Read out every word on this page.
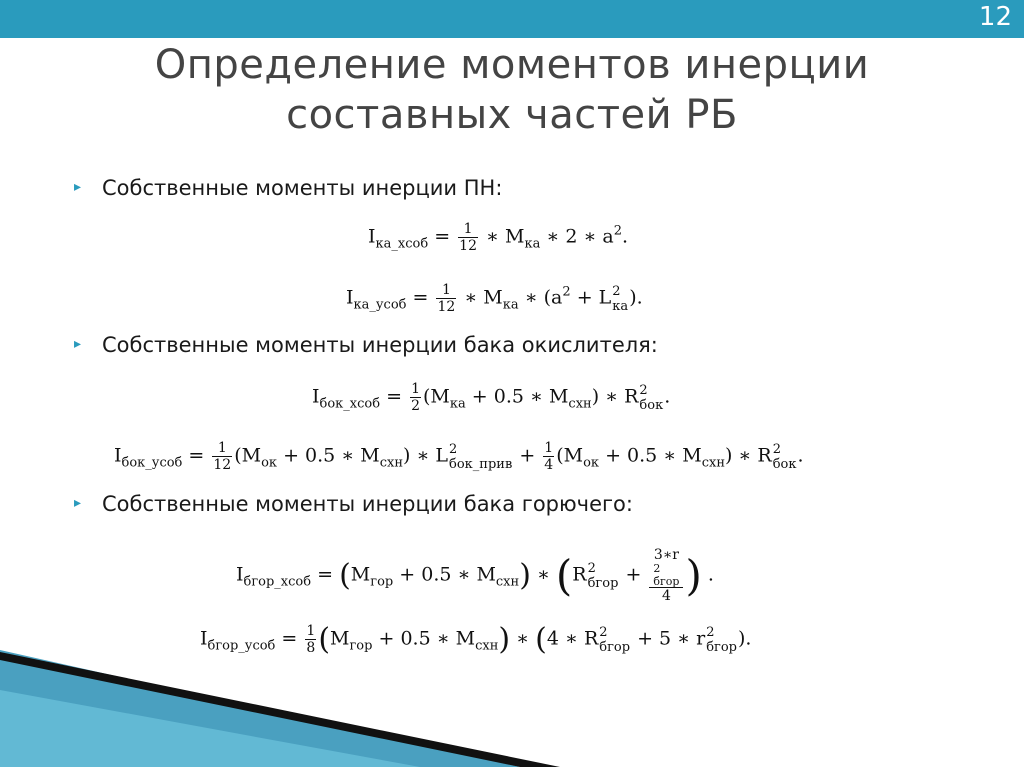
12
Определение моментов инерции
составных частей РБ
▸ Собственные моменты инерции ПН:
$I_{ка\_хсоб} = \frac{1}{12}$ ∗ $M_{ка}$ ∗ 2 ∗ $a^2$.
$I_{ка\_усоб} = \frac{1}{12}$ ∗ $M_{ка}$ ∗ ($a^2 + L$ 2
ка ).
▸ Собственные моменты инерции бака окислителя:
$I_{бок\_хсоб} = \frac{1}{2} (M_{ка} + 0.5$ ∗ $M_{схн}$) ∗ R 2
бок .
$I_{бок\_усоб} = \frac{1}{12} (M_{ок} + 0.5$ ∗ $M_{схн}$) ∗ L 2
бок_прив + $\frac{1}{4} (M_{ок} + 0.5$ ∗ $M_{схн}$) ∗ R 2
бок .
▸ Собственные моменты инерции бака горючего:
$I_{бгор\_хсоб} = (M_{гор} + 0.5$ ∗ $M_{схн}$) ∗ (R 2
бгор + 3∗r
2
бгор
4 ) .
$I_{бгор\_усоб} = \frac{1}{8} (M_{гор} + 0.5$ ∗ $M_{схн}$) ∗ (4 ∗ R 2
бгор + 5 ∗ r 2
бгор ).
